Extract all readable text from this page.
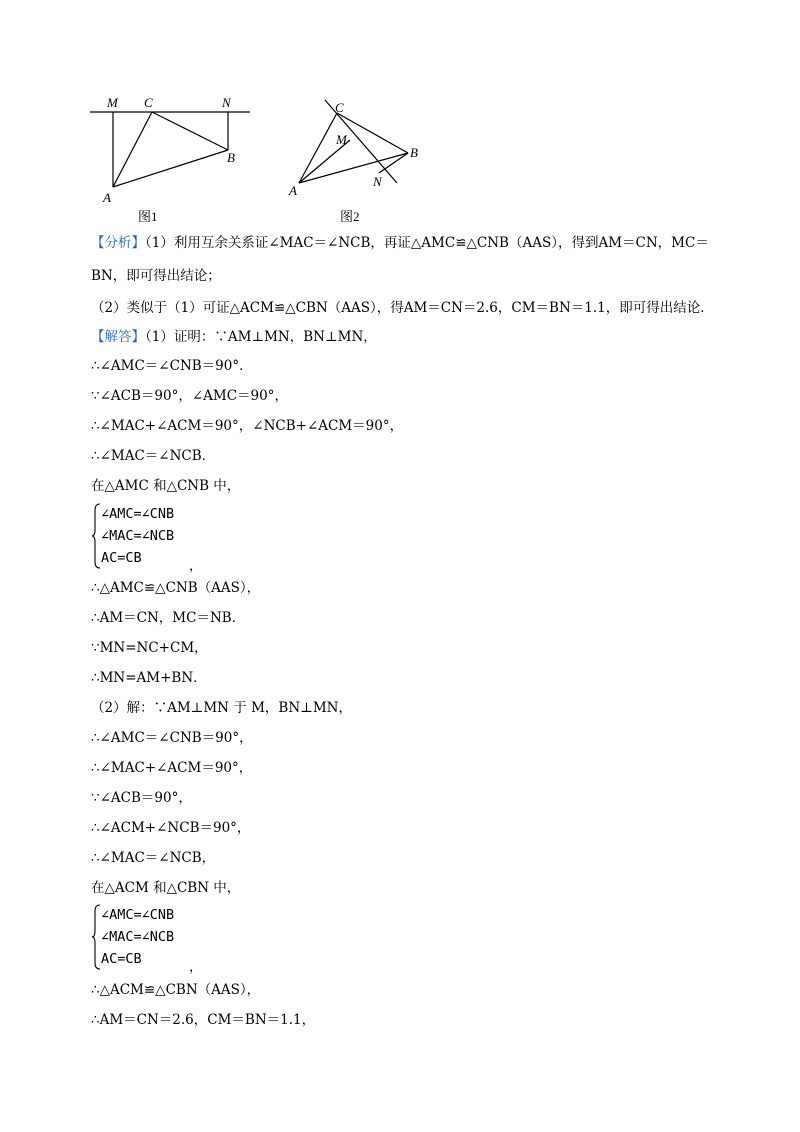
M C	N
B
A
图1
C
M
B
N
A
图2
【分析】（1）利用互余关系证∠MAC＝∠NCB，再证△AMC≌△CNB（AAS），得到AM＝CN，MC＝
BN，即可得出结论；
（2）类似于（1）可证△ACM≌△CBN（AAS），得AM＝CN＝2.6，CM＝BN＝1.1，即可得出结论．
【解答】（1）证明：∵AM⊥MN，BN⊥MN，
∴∠AMC＝∠CNB＝90°．
∵∠ACB＝90°，∠AMC＝90°，
∴∠MAC+∠ACM＝90°，∠NCB+∠ACM＝90°，
∴∠MAC＝∠NCB．
在△AMC 和△CNB 中，
∠AMC=∠CNB
∠MAC=∠NCB
AC=CB	，
∴△AMC≌△CNB（AAS），
∴AM＝CN，MC＝NB．
∵MN=NC+CM，
∴MN=AM+BN．
（2）解：∵AM⊥MN 于 M，BN⊥MN，
∴∠AMC＝∠CNB＝90°，
∴∠MAC+∠ACM＝90°，
∵∠ACB＝90°，
∴∠ACM+∠NCB＝90°，
∴∠MAC＝∠NCB，
在△ACM 和△CBN 中，
∠AMC=∠CNB
∠MAC=∠NCB
AC=CB	，
∴△ACM≌△CBN（AAS），
∴AM＝CN＝2.6，CM＝BN＝1.1，
